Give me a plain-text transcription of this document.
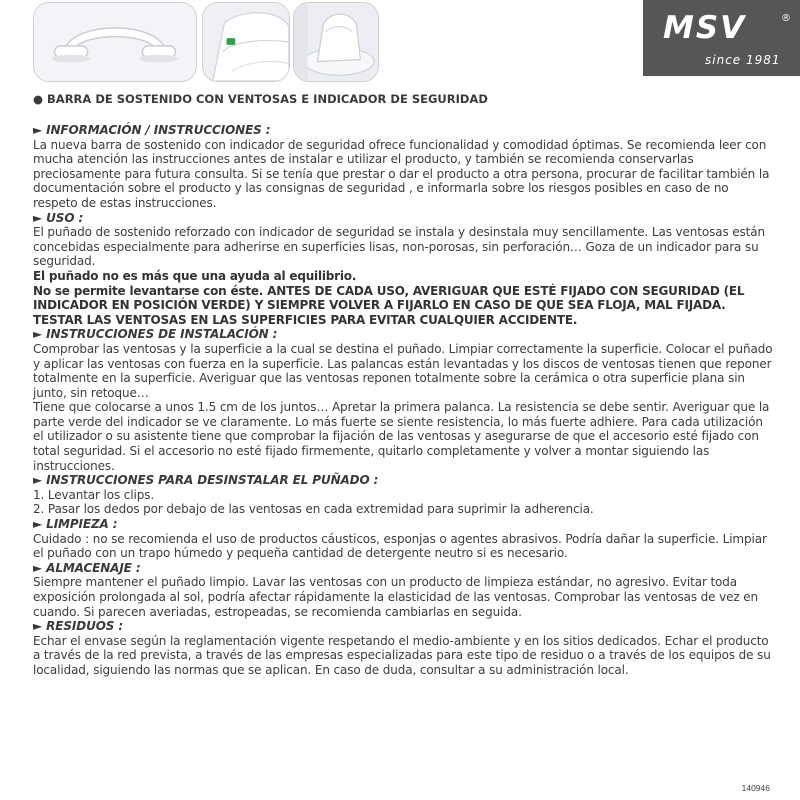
MSV	®
since 1981
● BARRA DE SOSTENIDO CON VENTOSAS E INDICADOR DE SEGURIDAD
► INFORMACIÓN / INSTRUCCIONES :
La nueva barra de sostenido con indicador de seguridad ofrece funcionalidad y comodidad óptimas. Se recomienda leer con mucha atención las instrucciones antes de instalar e utilizar el producto, y también se recomienda conservarlas preciosamente para futura consulta. Si se tenía que prestar o dar el producto a otra persona, procurar de facilitar también la documentación sobre el producto y las consignas de seguridad , e informarla sobre los riesgos posibles en caso de no respeto de estas instrucciones.
► USO :
El puñado de sostenido reforzado con indicador de seguridad se instala y desinstala muy sencillamente. Las ventosas están concebidas especialmente para adherirse en superficies lisas, non-porosas, sin perforación… Goza de un indicador para su seguridad.
El puñado no es más que una ayuda al equilibrio.
No se permite levantarse con éste. ANTES DE CADA USO, AVERIGUAR QUE ESTÉ FIJADO CON SEGURIDAD (EL INDICADOR EN POSICIÓN VERDE) Y SIEMPRE VOLVER A FIJARLO EN CASO DE QUE SEA FLOJA, MAL FIJADA. TESTAR LAS VENTOSAS EN LAS SUPERFICIES PARA EVITAR CUALQUIER ACCIDENTE.
► INSTRUCCIONES DE INSTALACIÓN :
Comprobar las ventosas y la superficie a la cual se destina el puñado. Limpiar correctamente la superficie. Colocar el puñado y aplicar las ventosas con fuerza en la superficie. Las palancas están levantadas y los discos de ventosas tienen que reponer totalmente en la superficie. Averiguar que las ventosas reponen totalmente sobre la cerámica o otra superficie plana sin junto, sin retoque…
Tiene que colocarse a unos 1.5 cm de los juntos… Apretar la primera palanca. La resistencia se debe sentir. Averiguar que la parte verde del indicador se ve claramente. Lo más fuerte se siente resistencia, lo más fuerte adhiere. Para cada utilización el utilizador o su asistente tiene que comprobar la fijación de las ventosas y asegurarse de que el accesorio esté fijado con total seguridad. Si el accesorio no esté fijado firmemente, quitarlo completamente y volver a montar siguiendo las instrucciones.
► INSTRUCCIONES PARA DESINSTALAR EL PUÑADO :
1. Levantar los clips.
2. Pasar los dedos por debajo de las ventosas en cada extremidad para suprimir la adherencia.
► LIMPIEZA :
Cuidado : no se recomienda el uso de productos cáusticos, esponjas o agentes abrasivos. Podría dañar la superficie. Limpiar el puñado con un trapo húmedo y pequeña cantidad de detergente neutro si es necesario.
► ALMACENAJE :
Siempre mantener el puñado limpio. Lavar las ventosas con un producto de limpieza estándar, no agresivo. Evitar toda exposición prolongada al sol, podría afectar rápidamente la elasticidad de las ventosas. Comprobar las ventosas de vez en cuando. Si parecen averiadas, estropeadas, se recomienda cambiarlas en seguida.
► RESIDUOS :
Echar el envase según la reglamentación vigente respetando el medio-ambiente y en los sitios dedicados. Echar el producto a través de la red prevista, a través de las empresas especializadas para este tipo de residuo o a través de los equipos de su localidad, siguiendo las normas que se aplican. En caso de duda, consultar a su administración local.
140946
